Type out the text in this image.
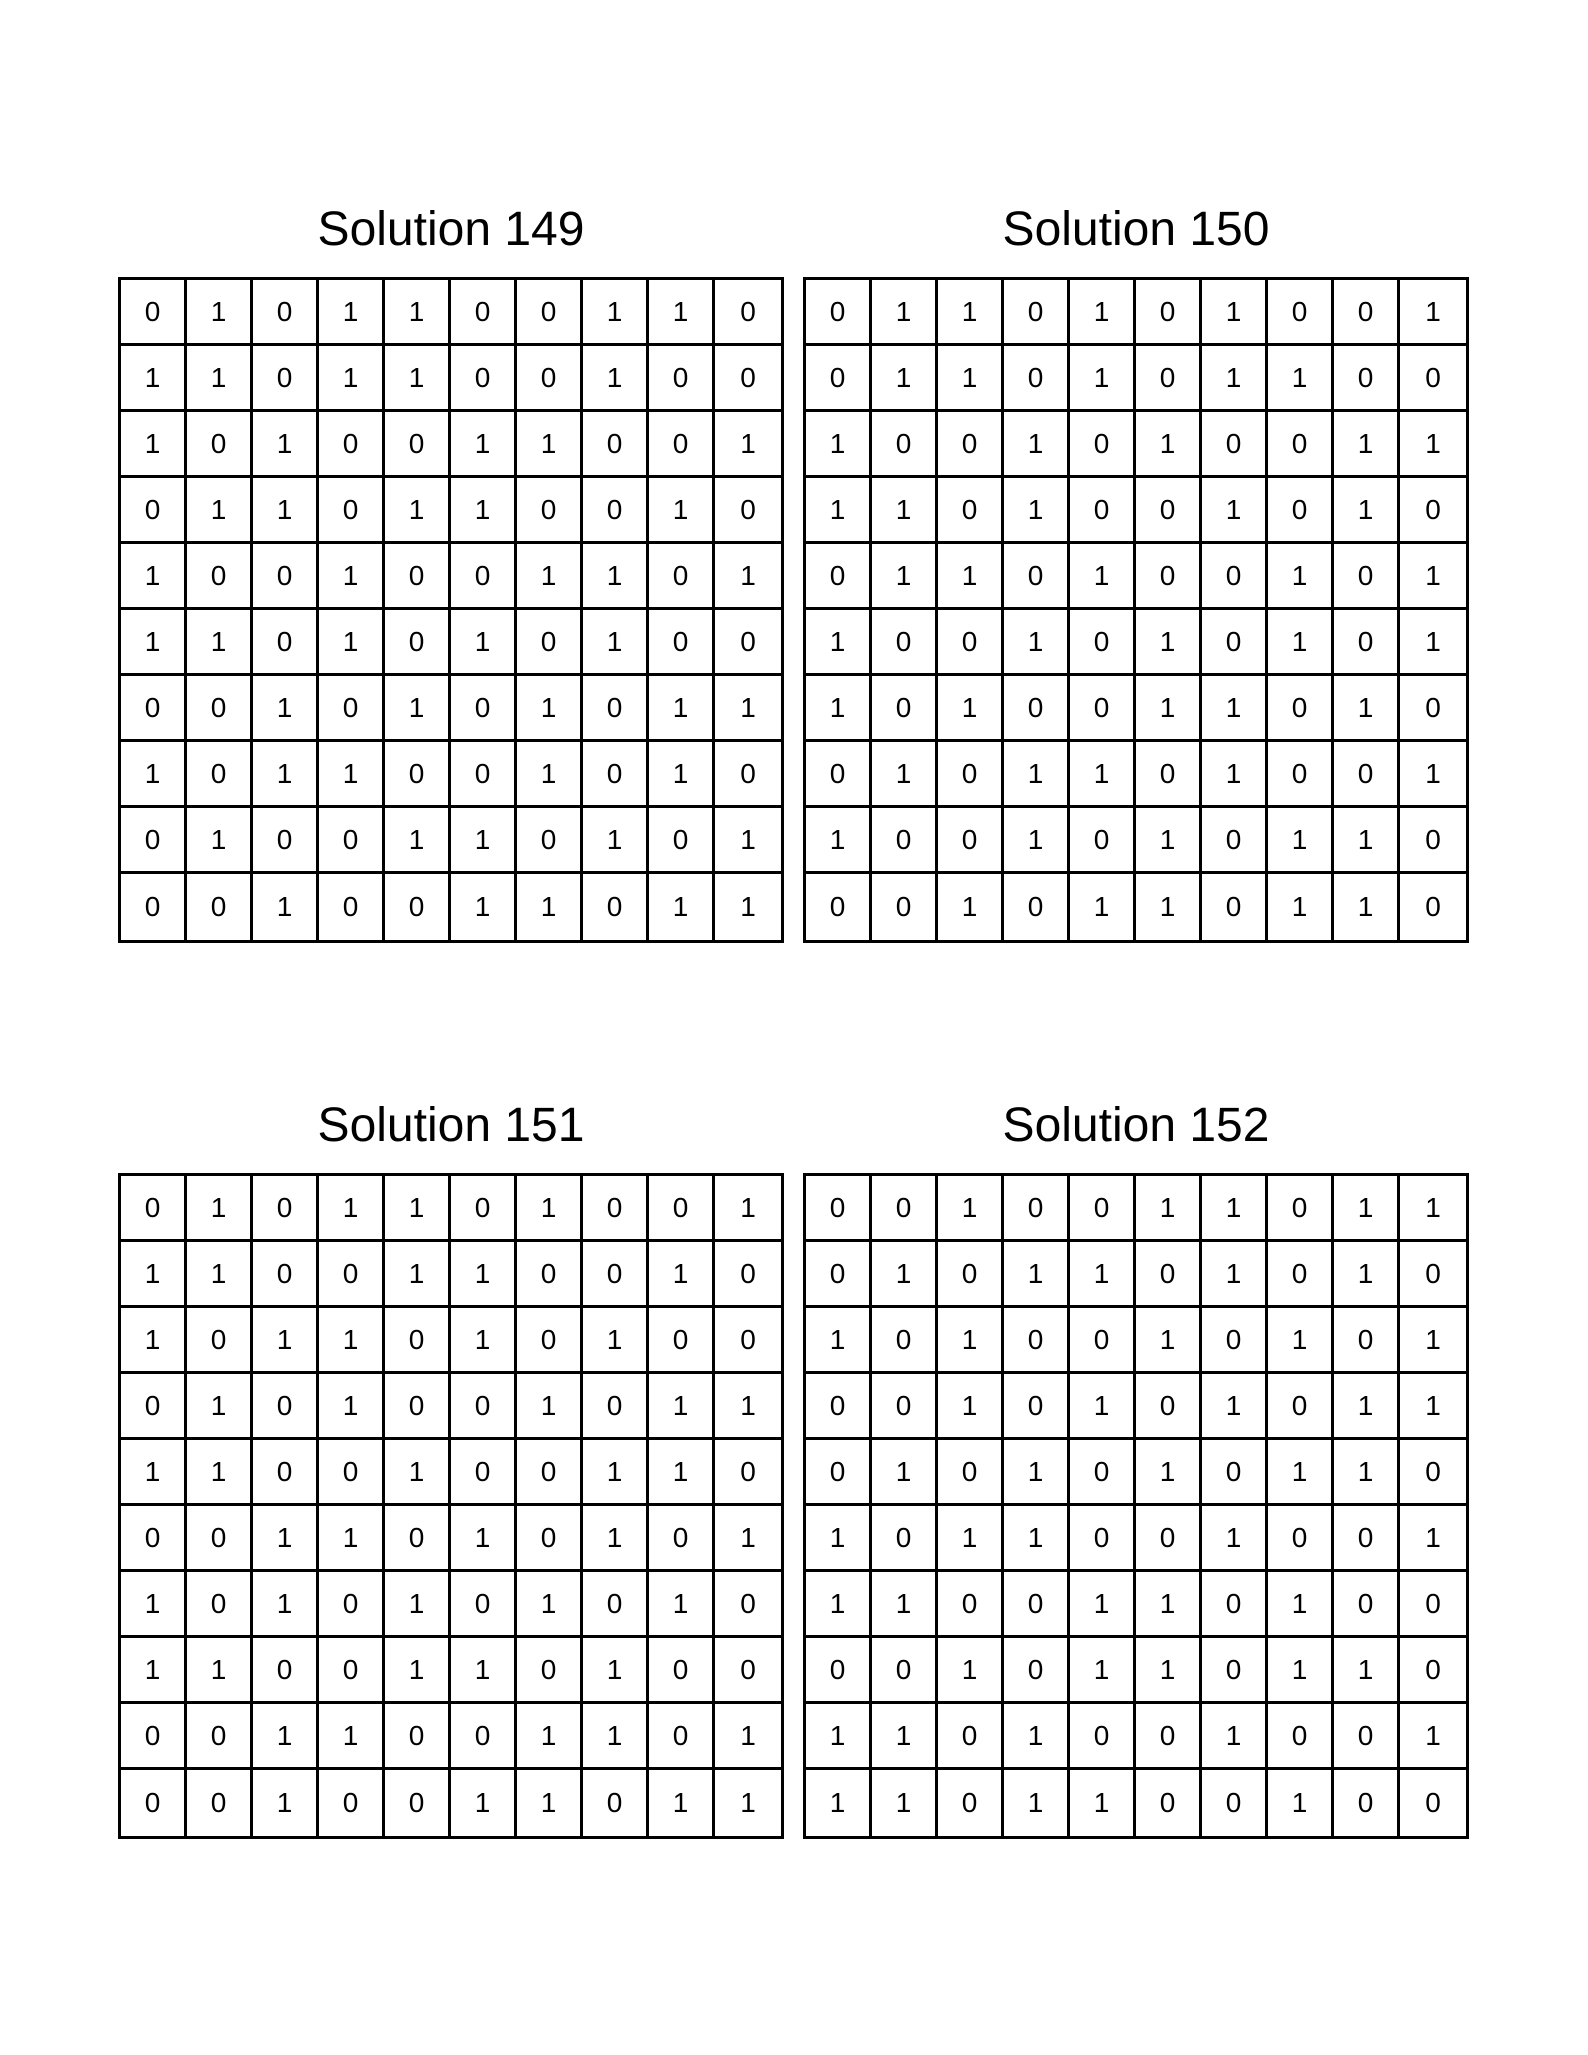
Solution 149
0	1	0	1	1	0	0	1	1	0
1	1	0	1	1	0	0	1	0	0
1	0	1	0	0	1	1	0	0	1
0	1	1	0	1	1	0	0	1	0
1	0	0	1	0	0	1	1	0	1
1	1	0	1	0	1	0	1	0	0
0	0	1	0	1	0	1	0	1	1
1	0	1	1	0	0	1	0	1	0
0	1	0	0	1	1	0	1	0	1
0	0	1	0	0	1	1	0	1	1
Solution 150
0	1	1	0	1	0	1	0	0	1
0	1	1	0	1	0	1	1	0	0
1	0	0	1	0	1	0	0	1	1
1	1	0	1	0	0	1	0	1	0
0	1	1	0	1	0	0	1	0	1
1	0	0	1	0	1	0	1	0	1
1	0	1	0	0	1	1	0	1	0
0	1	0	1	1	0	1	0	0	1
1	0	0	1	0	1	0	1	1	0
0	0	1	0	1	1	0	1	1	0
Solution 151
0	1	0	1	1	0	1	0	0	1
1	1	0	0	1	1	0	0	1	0
1	0	1	1	0	1	0	1	0	0
0	1	0	1	0	0	1	0	1	1
1	1	0	0	1	0	0	1	1	0
0	0	1	1	0	1	0	1	0	1
1	0	1	0	1	0	1	0	1	0
1	1	0	0	1	1	0	1	0	0
0	0	1	1	0	0	1	1	0	1
0	0	1	0	0	1	1	0	1	1
Solution 152
0	0	1	0	0	1	1	0	1	1
0	1	0	1	1	0	1	0	1	0
1	0	1	0	0	1	0	1	0	1
0	0	1	0	1	0	1	0	1	1
0	1	0	1	0	1	0	1	1	0
1	0	1	1	0	0	1	0	0	1
1	1	0	0	1	1	0	1	0	0
0	0	1	0	1	1	0	1	1	0
1	1	0	1	0	0	1	0	0	1
1	1	0	1	1	0	0	1	0	0
